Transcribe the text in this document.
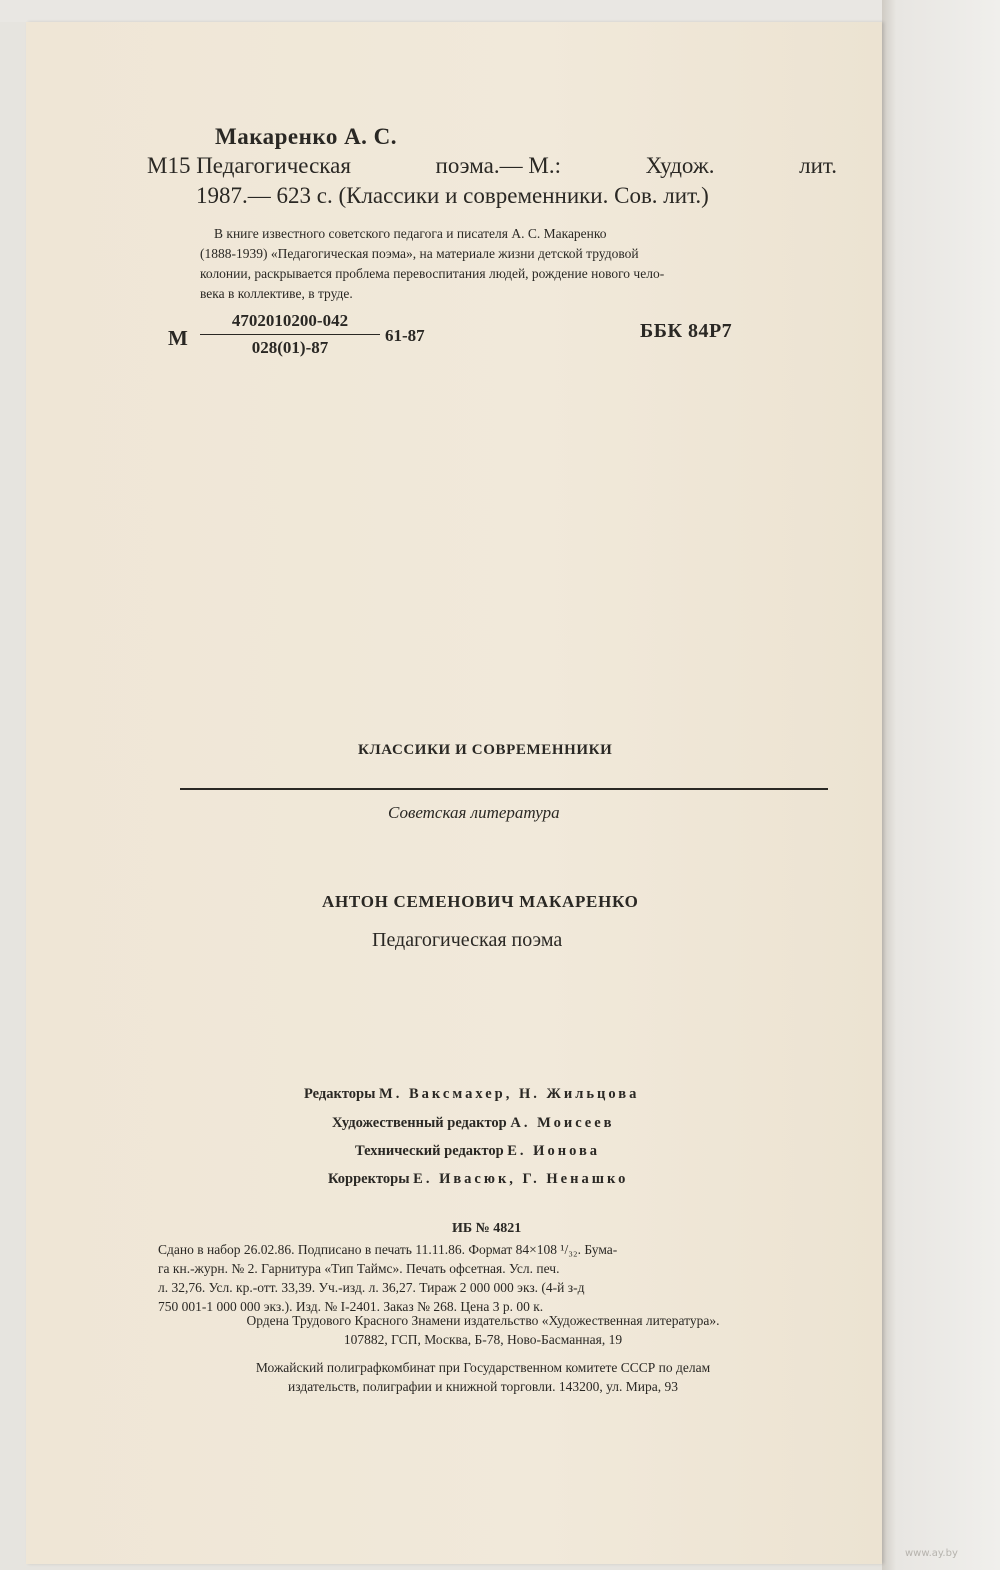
Макаренко А. С.
М15 Педагогическая	поэма.— М.:	Худож.	лит.
1987.— 623 с. (Классики и современники. Сов. лит.)
В книге известного советского педагога и писателя А. С. Макаренко
(1888-1939) «Педагогическая поэма», на материале жизни детской трудовой
колонии, раскрывается проблема перевоспитания людей, рождение нового чело-
века в коллективе, в труде.
М $\frac{4702010200-042}{028(01)-87} 61-87$	ББК 84Р7
КЛАССИКИ И СОВРЕМЕННИКИ
Советская литература
АНТОН СЕМЕНОВИЧ МАКАРЕНКО
Педагогическая поэма
Редакторы М. Ваксмахер, Н. Жильцова
Художественный редактор А. Моисеев
Технический редактор Е. Ионова
Корректоры Е. Ивасюк, Г. Ненашко
ИБ № 4821
Сдано в набор 26.02.86. Подписано в печать 11.11.86. Формат 84×108 ¹/₃₂. Бума-
га кн.-журн. № 2. Гарнитура «Тип Таймс». Печать офсетная. Усл. печ.
л. 32,76. Усл. кр.-отт. 33,39. Уч.-изд. л. 36,27. Тираж 2 000 000 экз. (4-й з-д
750 001-1 000 000 экз.). Изд. № I-2401. Заказ № 268. Цена 3 р. 00 к.
Ордена Трудового Красного Знамени издательство «Художественная литература».
107882, ГСП, Москва, Б-78, Ново-Басманная, 19
Можайский полиграфкомбинат при Государственном комитете СССР по делам
издательств, полиграфии и книжной торговли. 143200, ул. Мира, 93
www.ay.by
